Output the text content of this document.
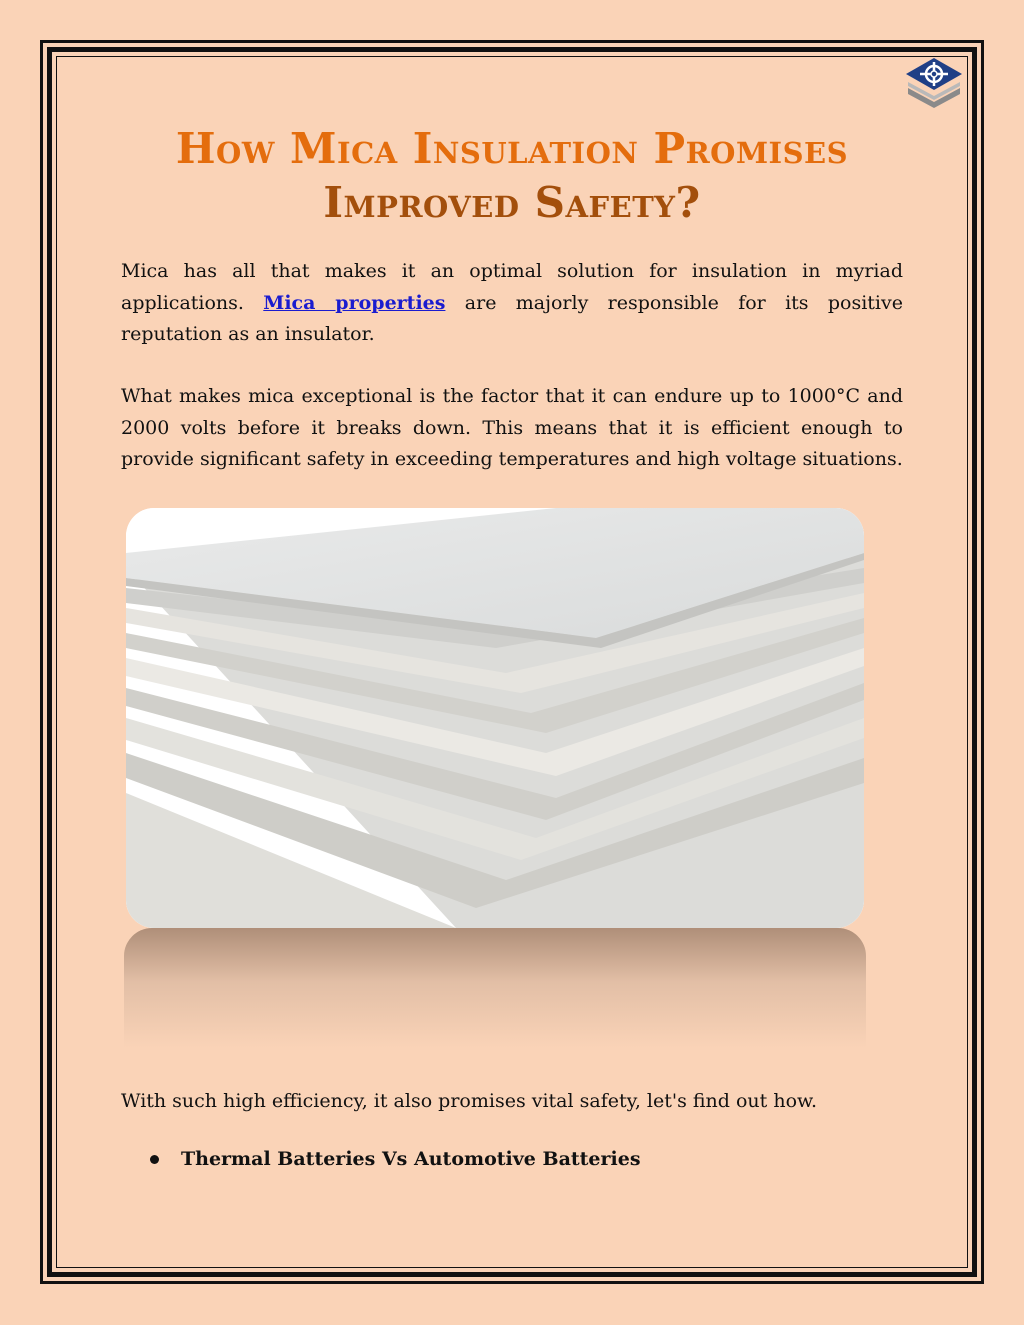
How Mica Insulation Promises
Improved Safety?

Mica has all that makes it an optimal solution for insulation in myriad applications. Mica properties are majorly responsible for its positive reputation as an insulator.

What makes mica exceptional is the factor that it can endure up to 1000°C and 2000 volts before it breaks down. This means that it is efficient enough to provide significant safety in exceeding temperatures and high voltage situations.

With such high efficiency, it also promises vital safety, let's find out how.

Thermal Batteries Vs Automotive Batteries
